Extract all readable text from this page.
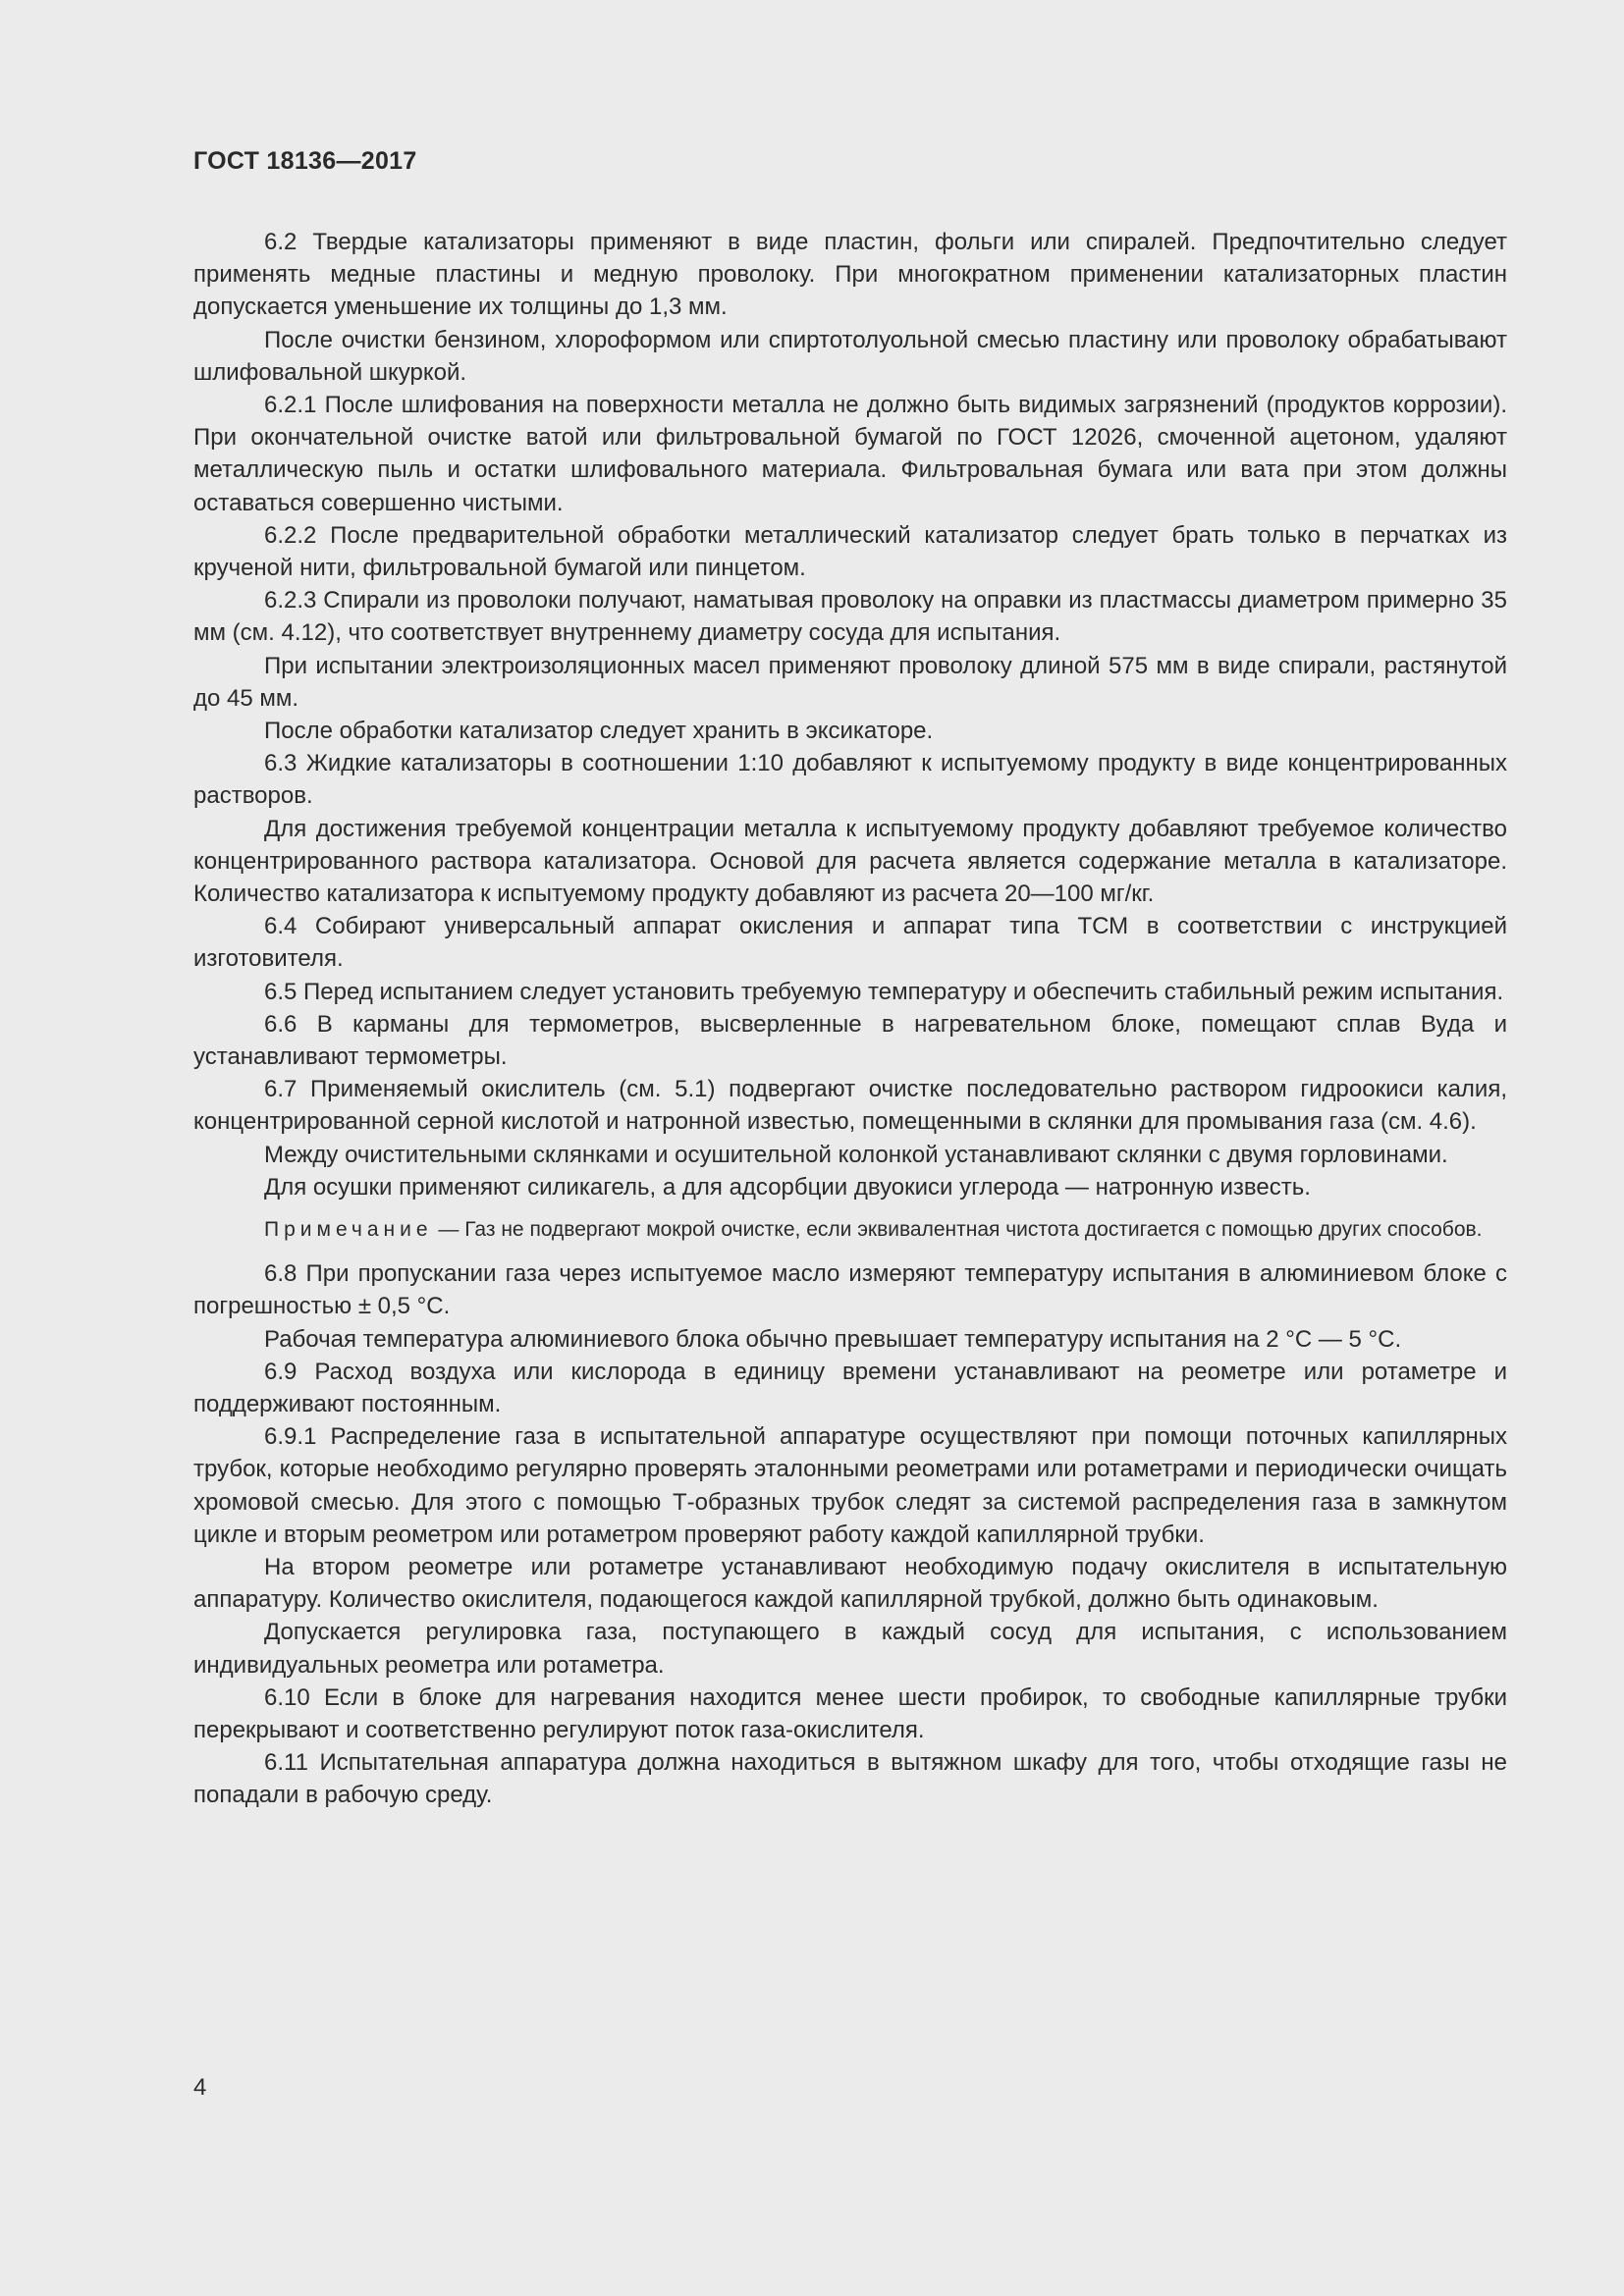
ГОСТ 18136—2017

6.2 Твердые катализаторы применяют в виде пластин, фольги или спиралей. Предпочтительно следует применять медные пластины и медную проволоку. При многократном применении катализаторных пластин допускается уменьшение их толщины до 1,3 мм.

После очистки бензином, хлороформом или спиртотолуольной смесью пластину или проволоку обрабатывают шлифовальной шкуркой.

6.2.1 После шлифования на поверхности металла не должно быть видимых загрязнений (продуктов коррозии). При окончательной очистке ватой или фильтровальной бумагой по ГОСТ 12026, смоченной ацетоном, удаляют металлическую пыль и остатки шлифовального материала. Фильтровальная бумага или вата при этом должны оставаться совершенно чистыми.

6.2.2 После предварительной обработки металлический катализатор следует брать только в перчатках из крученой нити, фильтровальной бумагой или пинцетом.

6.2.3 Спирали из проволоки получают, наматывая проволоку на оправки из пластмассы диаметром примерно 35 мм (см. 4.12), что соответствует внутреннему диаметру сосуда для испытания.

При испытании электроизоляционных масел применяют проволоку длиной 575 мм в виде спирали, растянутой до 45 мм.

После обработки катализатор следует хранить в эксикаторе.

6.3 Жидкие катализаторы в соотношении 1:10 добавляют к испытуемому продукту в виде концентрированных растворов.

Для достижения требуемой концентрации металла к испытуемому продукту добавляют требуемое количество концентрированного раствора катализатора. Основой для расчета является содержание металла в катализаторе. Количество катализатора к испытуемому продукту добавляют из расчета 20—100 мг/кг.

6.4 Собирают универсальный аппарат окисления и аппарат типа ТСМ в соответствии с инструкцией изготовителя.

6.5 Перед испытанием следует установить требуемую температуру и обеспечить стабильный режим испытания.

6.6 В карманы для термометров, высверленные в нагревательном блоке, помещают сплав Вуда и устанавливают термометры.

6.7 Применяемый окислитель (см. 5.1) подвергают очистке последовательно раствором гидроокиси калия, концентрированной серной кислотой и натронной известью, помещенными в склянки для промывания газа (см. 4.6).

Между очистительными склянками и осушительной колонкой устанавливают склянки с двумя горловинами.

Для осушки применяют силикагель, а для адсорбции двуокиси углерода — натронную известь.

Примечание — Газ не подвергают мокрой очистке, если эквивалентная чистота достигается с помощью других способов.

6.8 При пропускании газа через испытуемое масло измеряют температуру испытания в алюминиевом блоке с погрешностью ± 0,5 °С.

Рабочая температура алюминиевого блока обычно превышает температуру испытания на 2 °С — 5 °С.

6.9 Расход воздуха или кислорода в единицу времени устанавливают на реометре или ротаметре и поддерживают постоянным.

6.9.1 Распределение газа в испытательной аппаратуре осуществляют при помощи поточных капиллярных трубок, которые необходимо регулярно проверять эталонными реометрами или ротаметрами и периодически очищать хромовой смесью. Для этого с помощью Т-образных трубок следят за системой распределения газа в замкнутом цикле и вторым реометром или ротаметром проверяют работу каждой капиллярной трубки.

На втором реометре или ротаметре устанавливают необходимую подачу окислителя в испытательную аппаратуру. Количество окислителя, подающегося каждой капиллярной трубкой, должно быть одинаковым.

Допускается регулировка газа, поступающего в каждый сосуд для испытания, с использованием индивидуальных реометра или ротаметра.

6.10 Если в блоке для нагревания находится менее шести пробирок, то свободные капиллярные трубки перекрывают и соответственно регулируют поток газа-окислителя.

6.11 Испытательная аппаратура должна находиться в вытяжном шкафу для того, чтобы отходящие газы не попадали в рабочую среду.

4
